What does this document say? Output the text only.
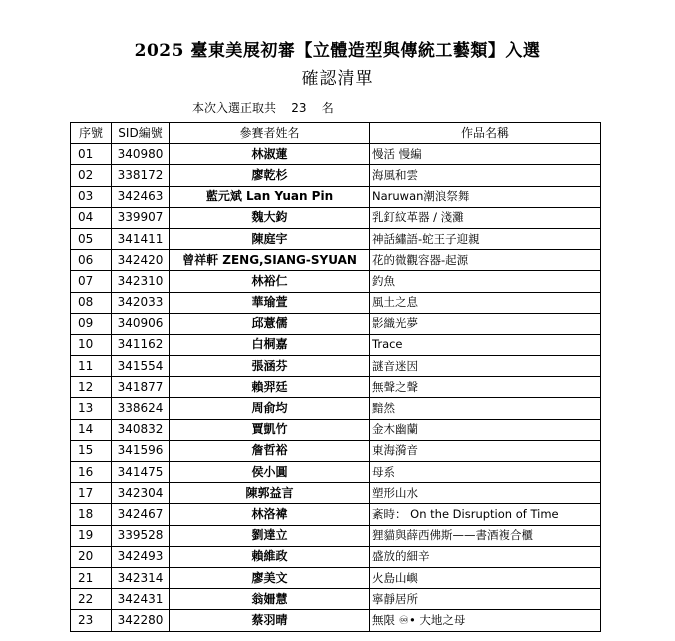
2025 臺東美展初審【立體造型與傳統工藝類】入選
確認清單
本次入選正取共    23    名
序號	SID編號	參賽者姓名	作品名稱
01	340980	林淑蓮	慢活 慢編
02	338172	廖乾杉	海風和雲
03	342463	藍元斌 Lan Yuan Pin	Naruwan潮浪祭舞
04	339907	魏大鈞	乳釘紋革器 / 淺灘
05	341411	陳庭宇	神話繡語-蛇王子迎親
06	342420	曾祥軒 ZENG,SIANG-SYUAN	花的微觀容器-起源
07	342310	林裕仁	釣魚
08	342033	華瑜萱	風土之息
09	340906	邱薏儒	影織光夢
10	341162	白桐嘉	Trace
11	341554	張涵芬	謎音迷因
12	341877	賴羿廷	無聲之聲
13	338624	周俞均	黯然
14	340832	賈凱竹	金木幽蘭
15	341596	詹哲裕	東海漪音
16	341475	侯小圓	母系
17	342304	陳郭益言	塑形山水
18	342467	林洛褘	紊時： On the Disruption of Time
19	339528	劉達立	狸貓與薛西佛斯——書酒複合櫃
20	342493	賴維政	盛放的細辛
21	342314	廖美文	火島山嶼
22	342431	翁姍慧	寧靜居所
23	342280	蔡羽晴	無限 ♾• 大地之母
